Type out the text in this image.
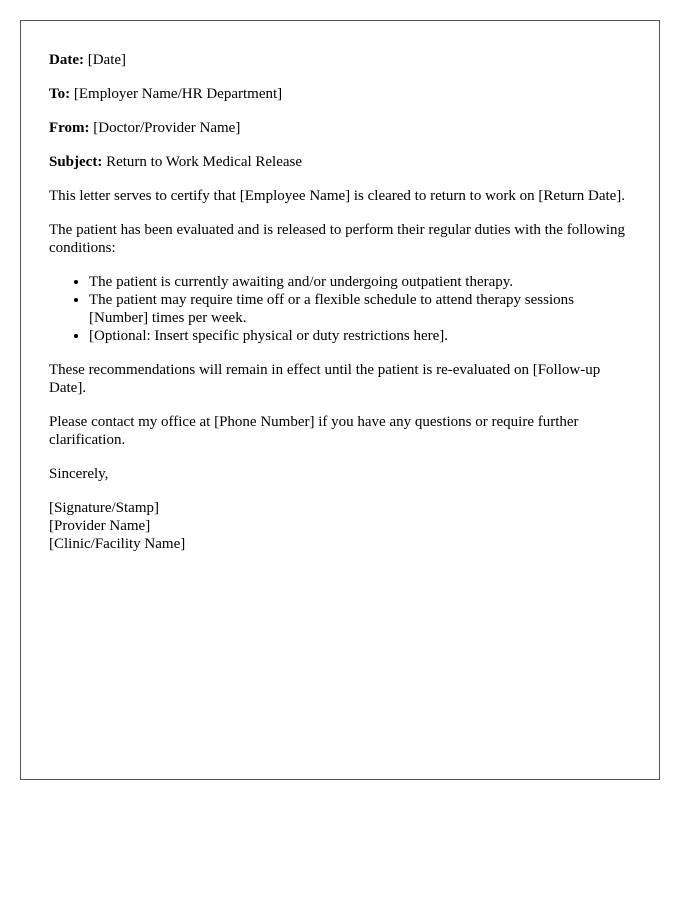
Date: [Date]

To: [Employer Name/HR Department]

From: [Doctor/Provider Name]

Subject: Return to Work Medical Release

This letter serves to certify that [Employee Name] is cleared to return to work on [Return Date].

The patient has been evaluated and is released to perform their regular duties with the following conditions:

• The patient is currently awaiting and/or undergoing outpatient therapy.
• The patient may require time off or a flexible schedule to attend therapy sessions [Number] times per week.
• [Optional: Insert specific physical or duty restrictions here].

These recommendations will remain in effect until the patient is re-evaluated on [Follow-up Date].

Please contact my office at [Phone Number] if you have any questions or require further clarification.

Sincerely,

[Signature/Stamp]

[Provider Name]

[Clinic/Facility Name]
